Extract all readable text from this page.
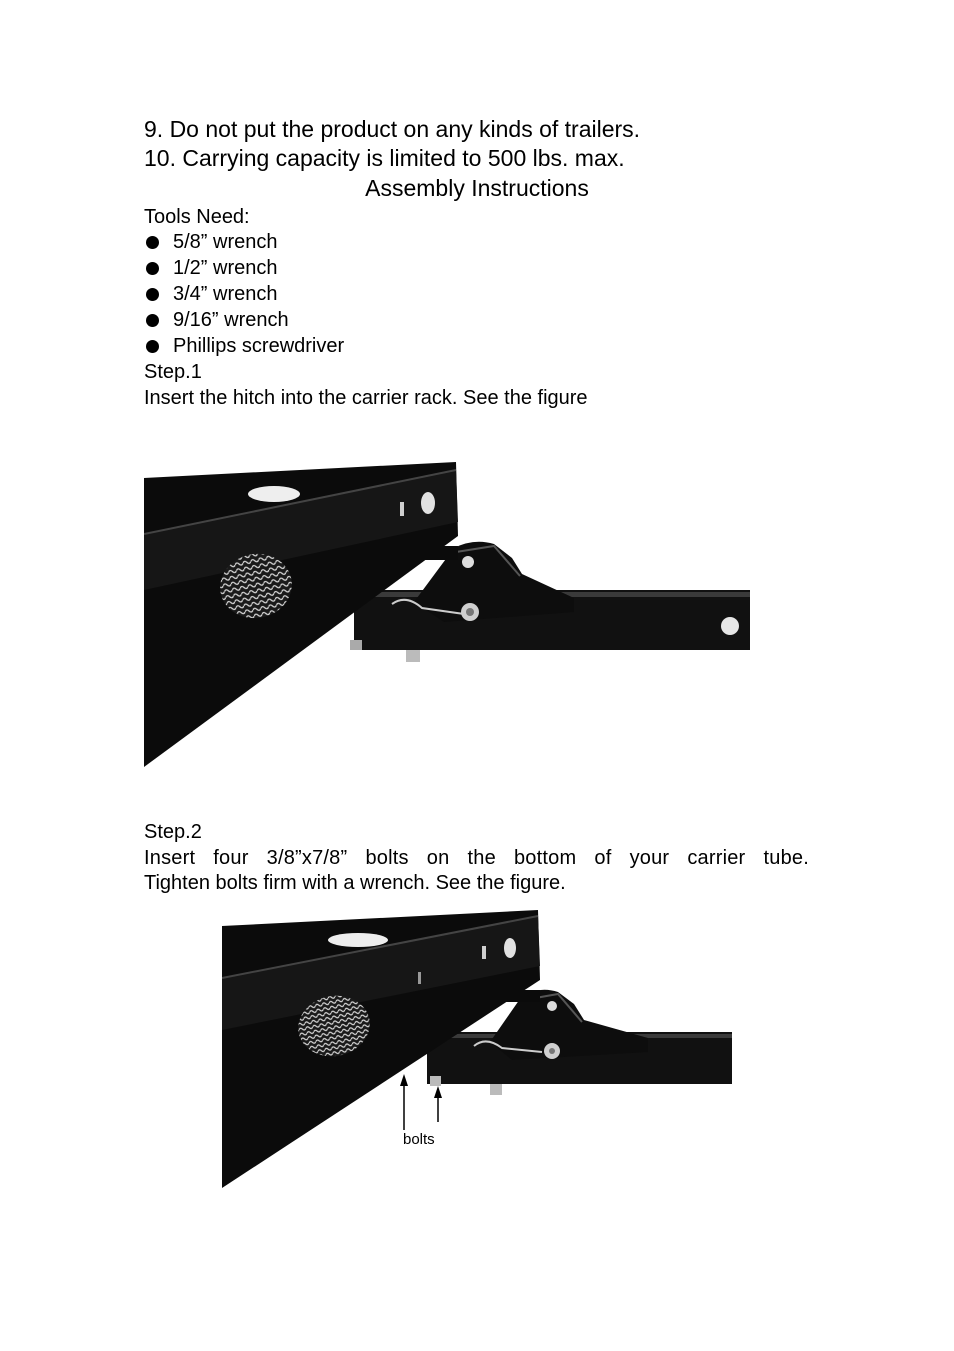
9. Do not put the product on any kinds of trailers.
10. Carrying capacity is limited to 500 lbs. max.
Assembly Instructions
Tools Need:
5/8” wrench
1/2” wrench
3/4” wrench
9/16” wrench
Phillips screwdriver
Step.1
Insert the hitch into the carrier rack. See the figure
Step.2
Insert four 3/8”x7/8” bolts on the bottom of your carrier tube.
Tighten bolts firm with a wrench. See the figure.
bolts
